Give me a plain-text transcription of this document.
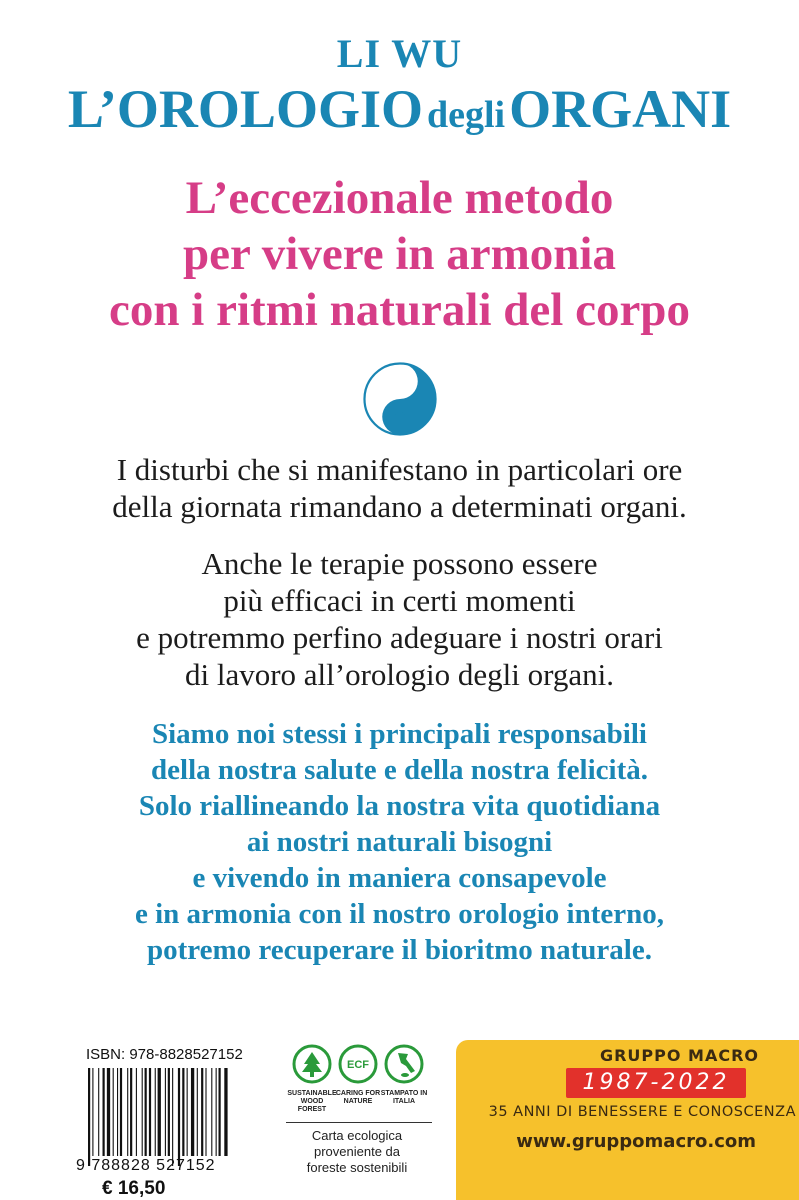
LI WU
L’OROLOGIO degli ORGANI
L’eccezionale metodo
per vivere in armonia
con i ritmi naturali del corpo
I disturbi che si manifestano in particolari ore
della giornata rimandano a determinati organi.
Anche le terapie possono essere
più efficaci in certi momenti
e potremmo perfino adeguare i nostri orari
di lavoro all’orologio degli organi.
Siamo noi stessi i principali responsabili
della nostra salute e della nostra felicità.
Solo riallineando la nostra vita quotidiana
ai nostri naturali bisogni
e vivendo in maniera consapevole
e in armonia con il nostro orologio interno,
potremo recuperare il bioritmo naturale.
ISBN: 978-8828527152
9 788828 527152
€ 16,50
ECF
SUSTAINABLE WOOD FOREST
CARING FOR NATURE
STAMPATO IN ITALIA
Carta ecologica
proveniente da
foreste sostenibili
GRUPPO MACRO
1987-2022
35 ANNI DI BENESSERE E CONOSCENZA
www.gruppomacro.com
